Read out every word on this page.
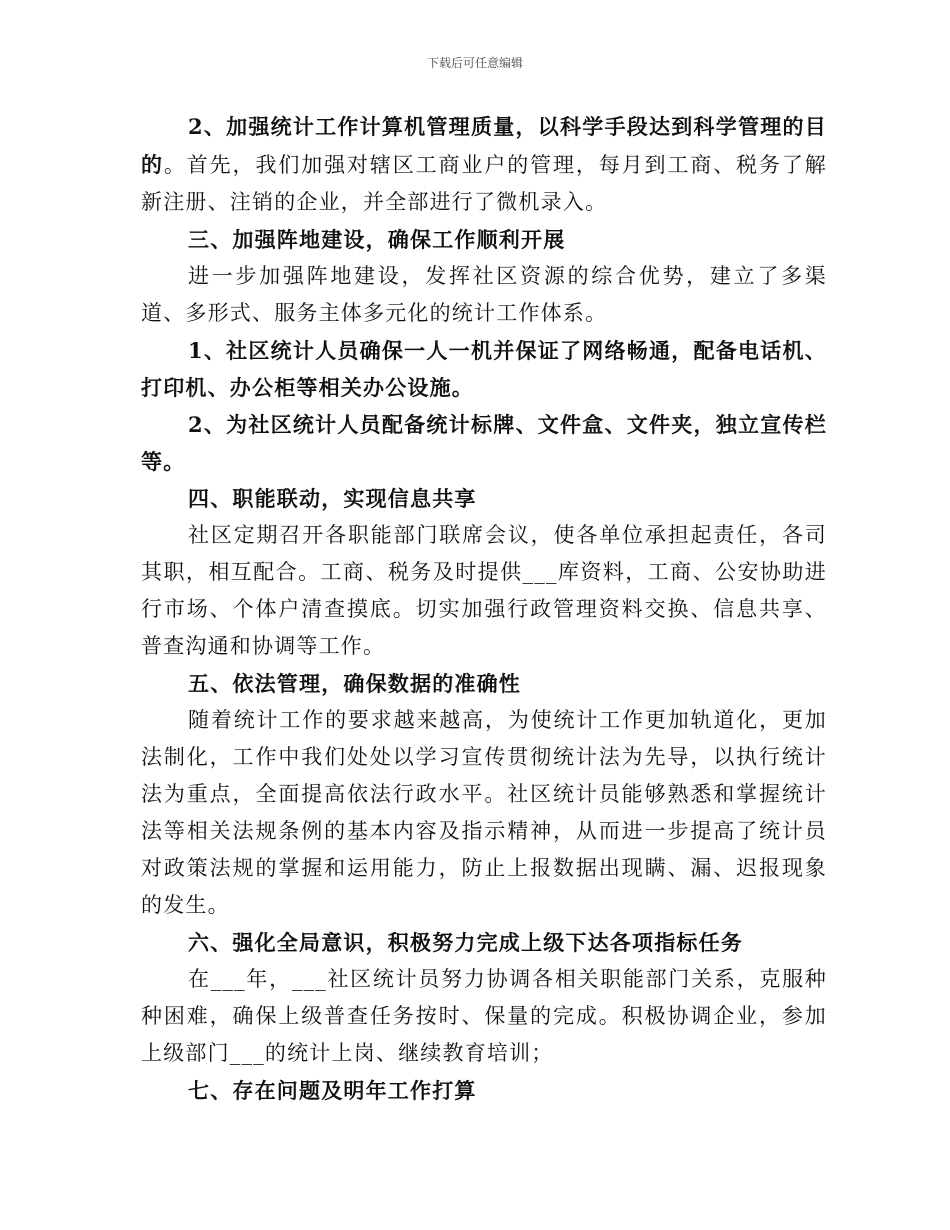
下载后可任意编辑

2、加强统计工作计算机管理质量，以科学手段达到科学管理的目的。首先，我们加强对辖区工商业户的管理，每月到工商、税务了解新注册、注销的企业，并全部进行了微机录入。

三、加强阵地建设，确保工作顺利开展

进一步加强阵地建设，发挥社区资源的综合优势，建立了多渠道、多形式、服务主体多元化的统计工作体系。

1、社区统计人员确保一人一机并保证了网络畅通，配备电话机、打印机、办公柜等相关办公设施。

2、为社区统计人员配备统计标牌、文件盒、文件夹，独立宣传栏等。

四、职能联动，实现信息共享

社区定期召开各职能部门联席会议，使各单位承担起责任，各司其职，相互配合。工商、税务及时提供___库资料，工商、公安协助进行市场、个体户清查摸底。切实加强行政管理资料交换、信息共享、普查沟通和协调等工作。

五、依法管理，确保数据的准确性

随着统计工作的要求越来越高，为使统计工作更加轨道化，更加法制化，工作中我们处处以学习宣传贯彻统计法为先导，以执行统计法为重点，全面提高依法行政水平。社区统计员能够熟悉和掌握统计法等相关法规条例的基本内容及指示精神，从而进一步提高了统计员对政策法规的掌握和运用能力，防止上报数据出现瞒、漏、迟报现象的发生。

六、强化全局意识，积极努力完成上级下达各项指标任务

在___年，___社区统计员努力协调各相关职能部门关系，克服种种困难，确保上级普查任务按时、保量的完成。积极协调企业，参加上级部门___的统计上岗、继续教育培训；

七、存在问题及明年工作打算
